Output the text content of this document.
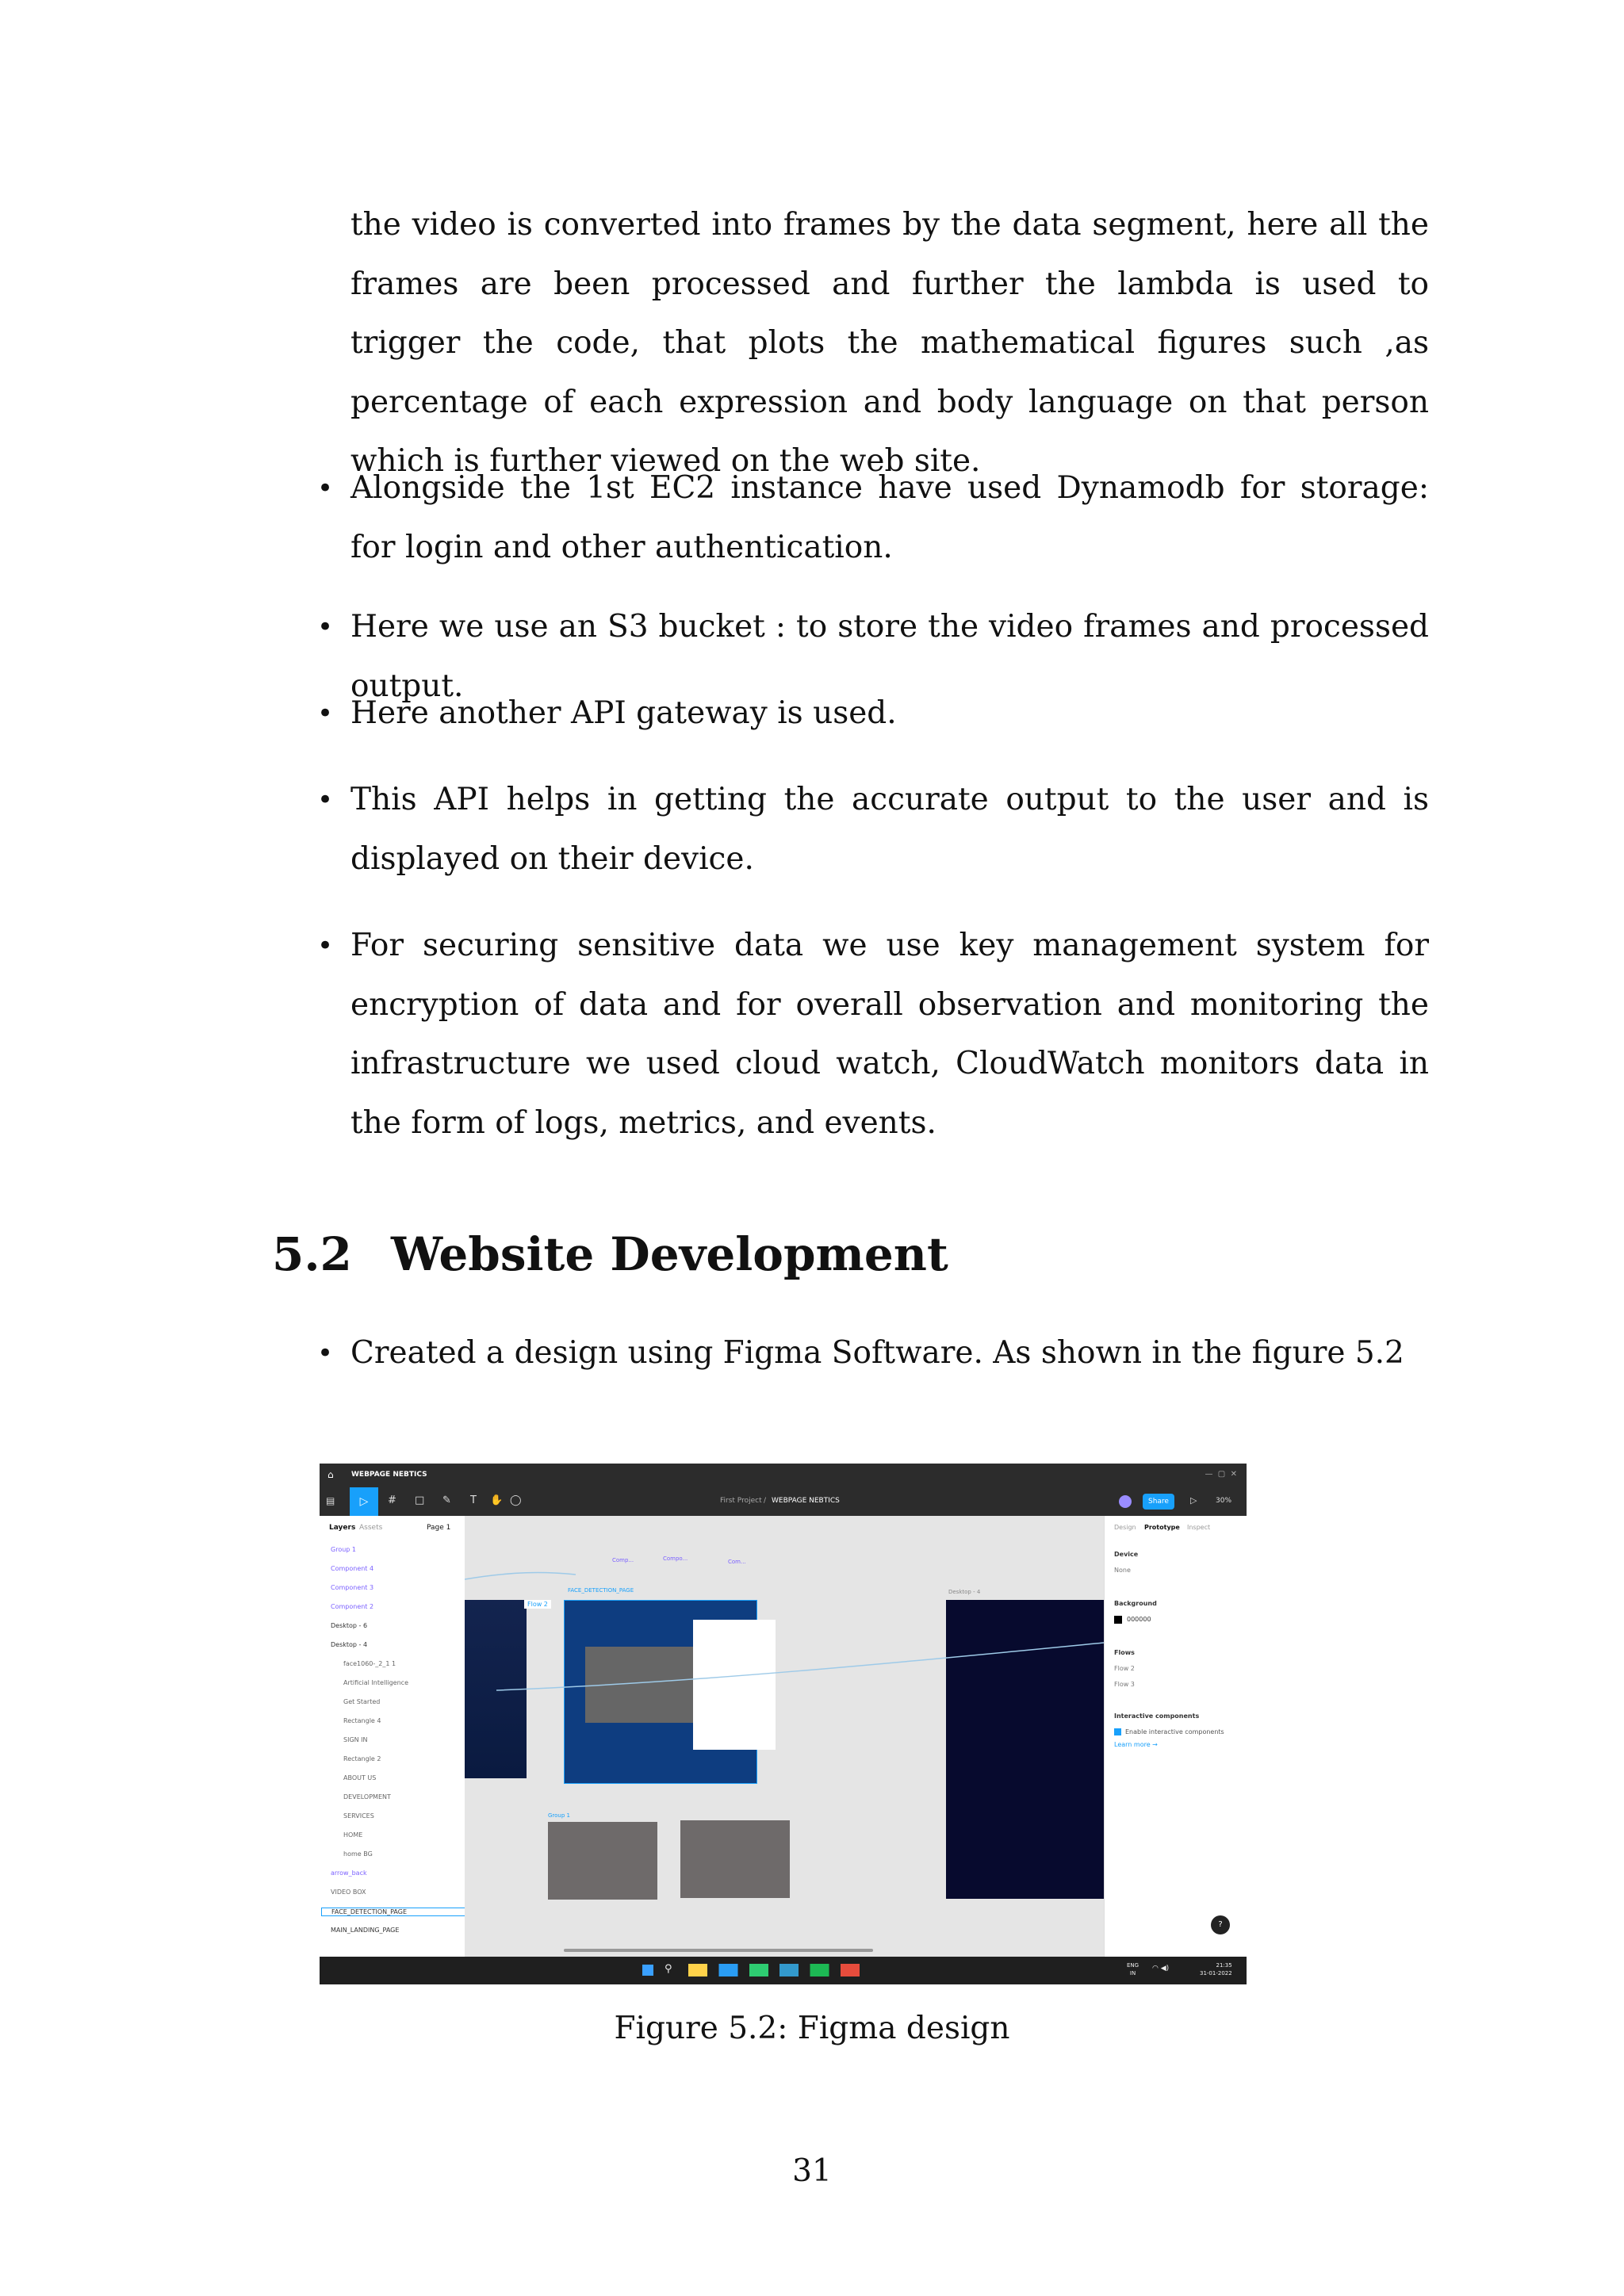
the video is converted into frames by the data segment, here all the frames are been processed and further the lambda is used to trigger the code, that plots the mathematical figures such ,as percentage of each expression and body language on that person which is further viewed on the web site.

• Alongside the 1st EC2 instance have used Dynamodb for storage: for login and other authentication.
• Here we use an S3 bucket : to store the video frames and processed output.
• Here another API gateway is used.
• This API helps in getting the accurate output to the user and is displayed on their device.
• For securing sensitive data we use key management system for encryption of data and for overall observation and monitoring the infrastructure we used cloud watch, CloudWatch monitors data in the form of logs, metrics, and events.
5.2 Website Development
• Created a design using Figma Software. As shown in the figure 5.2
⌂ WEBPAGE NEBTICS	—  ▢  ✕
▤	▷	# □ ✎ T ✋ ◯	First Project / WEBPAGE NEBTICS	Share	▷	30%
Layers Assets	Page 1
Group 1
Component 4
Component 3
Component 2
Desktop - 6
Desktop - 4
face1060-_2_1 1
Artificial Intelligence
Get Started
Rectangle 4
SIGN IN
Rectangle 2
ABOUT US
DEVELOPMENT
SERVICES
HOME
home BG
arrow_back
VIDEO BOX
FACE_DETECTION_PAGE
MAIN_LANDING_PAGE
FACE_DETECTION_PAGE
Flow 2
Desktop - 4
Group 1
Comp...	Compo...	Com...
Design Prototype Inspect
Device
None
Background
000000
Flows
Flow 2
Flow 3
Interactive components
Enable interactive components
Learn more →
?
⚲	ENG
IN
◠ ◀)	21:35
31-01-2022
Figure 5.2: Figma design
31
